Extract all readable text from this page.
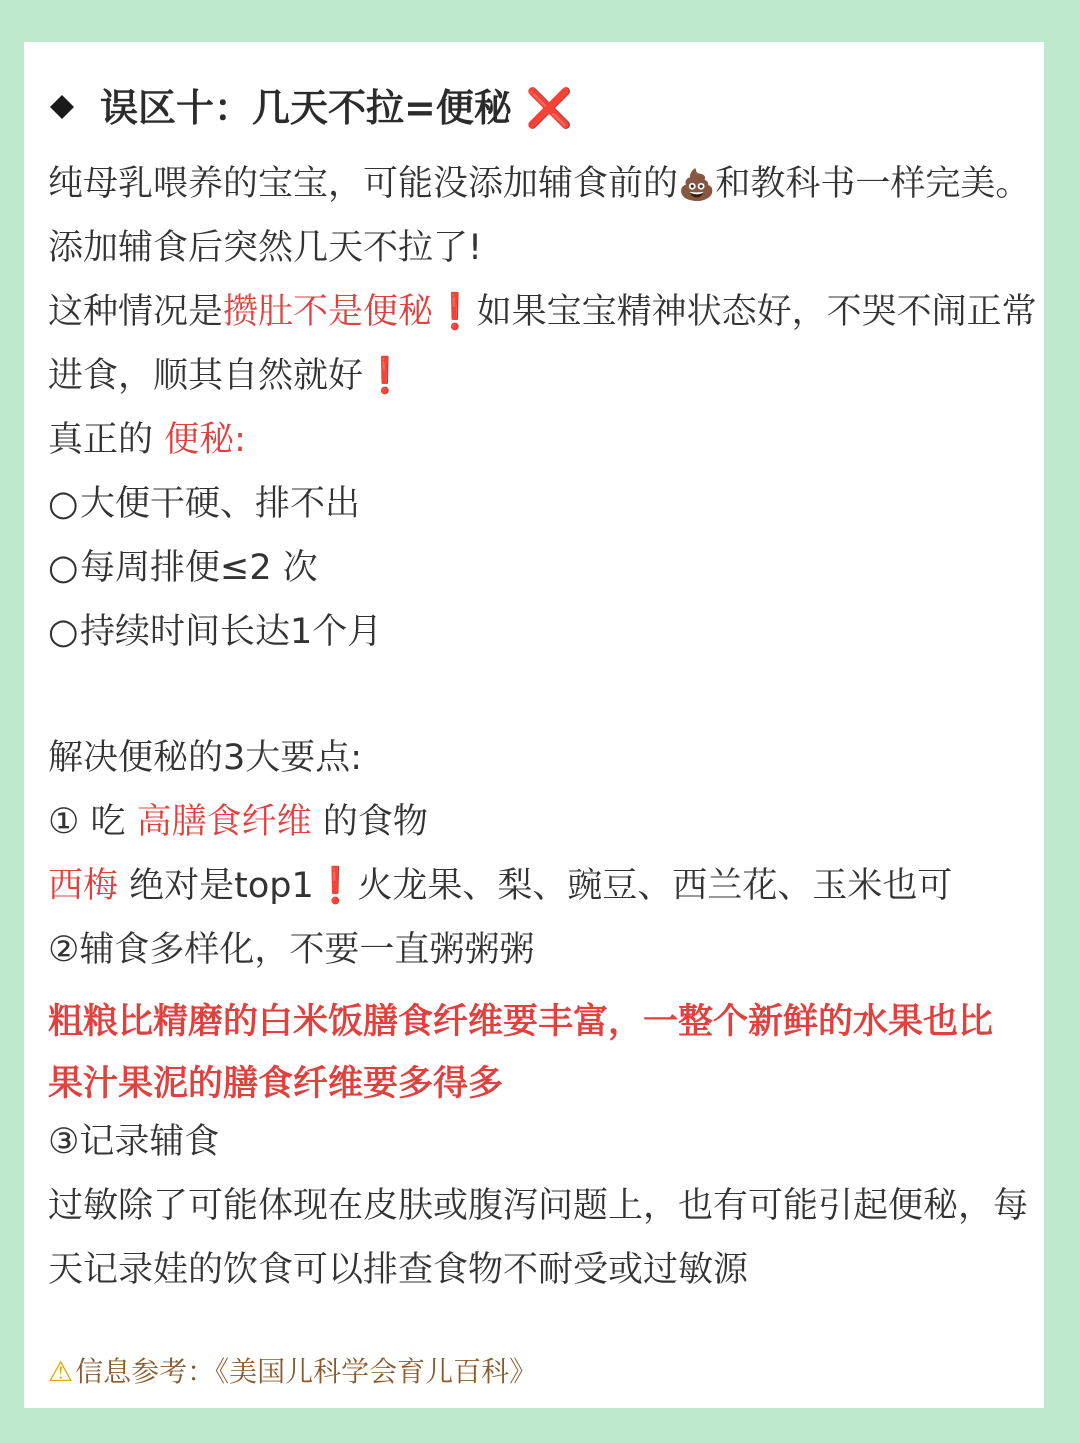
误区十：几天不拉=便秘 ❌
纯母乳喂养的宝宝，可能没添加辅食前的💩和教科书一样完美。
添加辅食后突然几天不拉了!
这种情况是攒肚不是便秘❗如果宝宝精神状态好，不哭不闹正常
进食，顺其自然就好❗
真正的 便秘:
○大便干硬、排不出
○每周排便≤2 次
○持续时间长达1个月
解决便秘的3大要点:
① 吃 高膳食纤维 的食物
西梅 绝对是top1❗火龙果、梨、豌豆、西兰花、玉米也可
②辅食多样化，不要一直粥粥粥
粗粮比精磨的白米饭膳食纤维要丰富，一整个新鲜的水果也比
果汁果泥的膳食纤维要多得多
③记录辅食
过敏除了可能体现在皮肤或腹泻问题上，也有可能引起便秘，每
天记录娃的饮食可以排查食物不耐受或过敏源
⚠信息参考：《美国儿科学会育儿百科》
